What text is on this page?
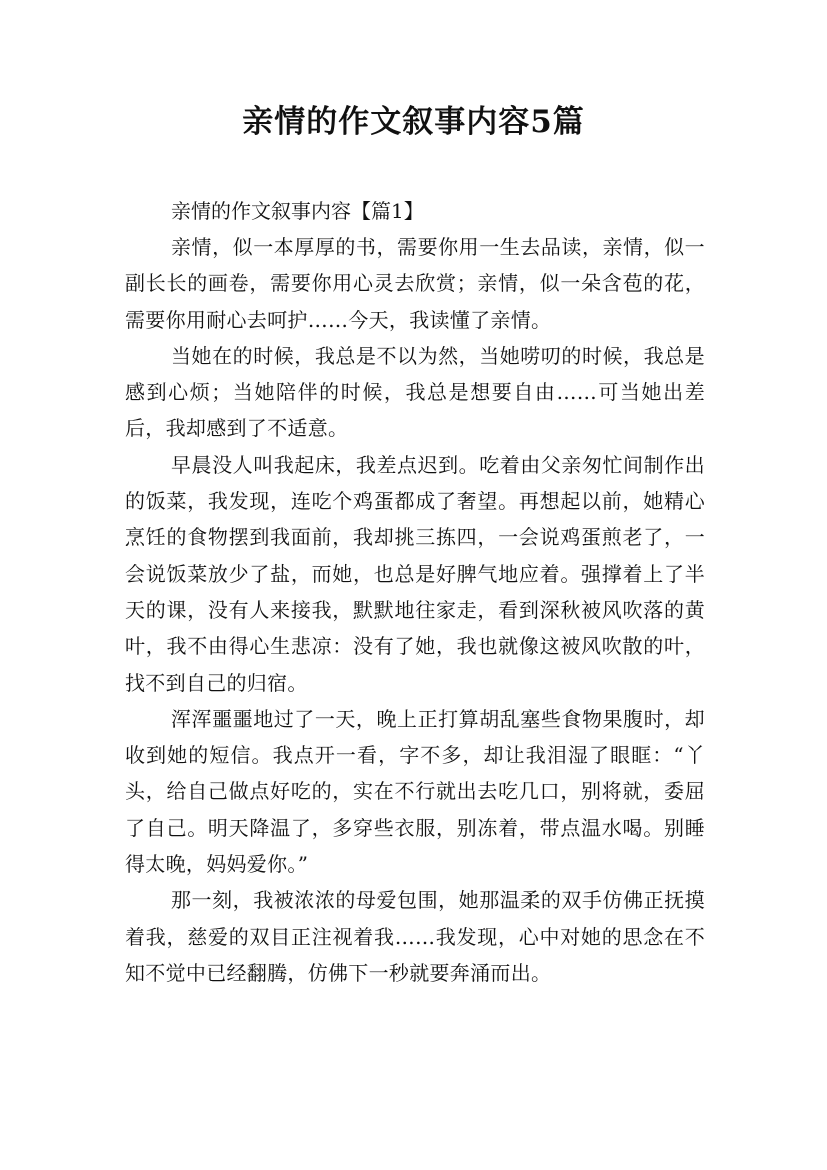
亲情的作文叙事内容5篇

亲情的作文叙事内容【篇1】

亲情，似一本厚厚的书，需要你用一生去品读，亲情，似一副长长的画卷，需要你用心灵去欣赏；亲情，似一朵含苞的花，需要你用耐心去呵护……今天，我读懂了亲情。

当她在的时候，我总是不以为然，当她唠叨的时候，我总是感到心烦；当她陪伴的时候，我总是想要自由……可当她出差后，我却感到了不适意。

早晨没人叫我起床，我差点迟到。吃着由父亲匆忙间制作出的饭菜，我发现，连吃个鸡蛋都成了奢望。再想起以前，她精心烹饪的食物摆到我面前，我却挑三拣四，一会说鸡蛋煎老了，一会说饭菜放少了盐，而她，也总是好脾气地应着。强撑着上了半天的课，没有人来接我，默默地往家走，看到深秋被风吹落的黄叶，我不由得心生悲凉：没有了她，我也就像这被风吹散的叶，找不到自己的归宿。

浑浑噩噩地过了一天，晚上正打算胡乱塞些食物果腹时，却收到她的短信。我点开一看，字不多，却让我泪湿了眼眶：“丫头，给自己做点好吃的，实在不行就出去吃几口，别将就，委屈了自己。明天降温了，多穿些衣服，别冻着，带点温水喝。别睡得太晚，妈妈爱你。”

那一刻，我被浓浓的母爱包围，她那温柔的双手仿佛正抚摸着我，慈爱的双目正注视着我……我发现，心中对她的思念在不知不觉中已经翻腾，仿佛下一秒就要奔涌而出。
